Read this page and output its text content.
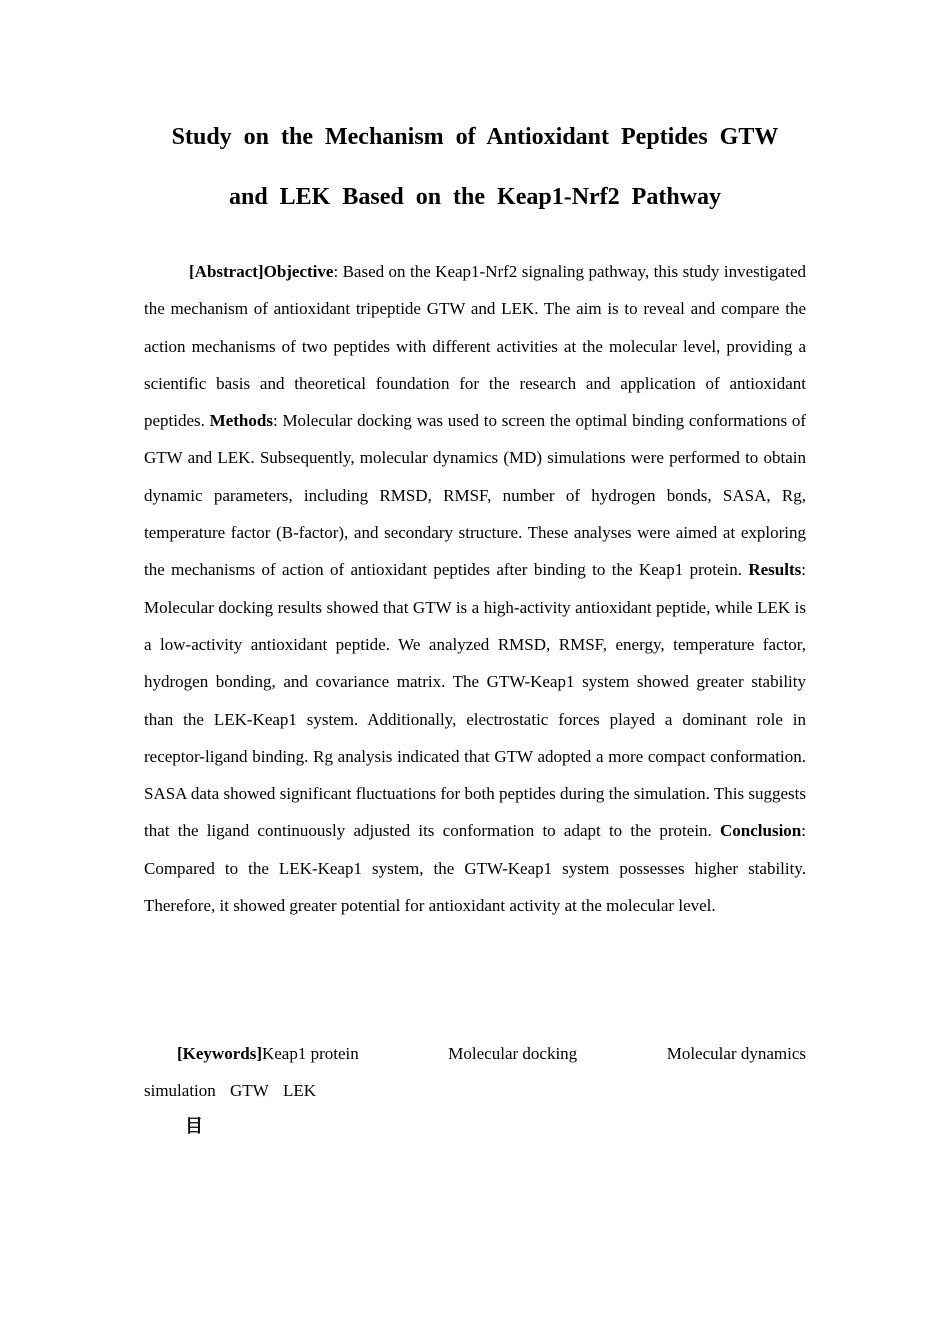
Study on the Mechanism of Antioxidant Peptides GTW
and LEK Based on the Keap1-Nrf2 Pathway

[Abstract]Objective: Based on the Keap1-Nrf2 signaling pathway, this study investigated the mechanism of antioxidant tripeptide GTW and LEK. The aim is to reveal and compare the action mechanisms of two peptides with different activities at the molecular level, providing a scientific basis and theoretical foundation for the research and application of antioxidant peptides. Methods: Molecular docking was used to screen the optimal binding conformations of GTW and LEK. Subsequently, molecular dynamics (MD) simulations were performed to obtain dynamic parameters, including RMSD, RMSF, number of hydrogen bonds, SASA, Rg, temperature factor (B-factor), and secondary structure. These analyses were aimed at exploring the mechanisms of action of antioxidant peptides after binding to the Keap1 protein. Results: Molecular docking results showed that GTW is a high-activity antioxidant peptide, while LEK is a low-activity antioxidant peptide. We analyzed RMSD, RMSF, energy, temperature factor, hydrogen bonding, and covariance matrix. The GTW-Keap1 system showed greater stability than the LEK-Keap1 system. Additionally, electrostatic forces played a dominant role in receptor-ligand binding. Rg analysis indicated that GTW adopted a more compact conformation. SASA data showed significant fluctuations for both peptides during the simulation. This suggests that the ligand continuously adjusted its conformation to adapt to the protein. Conclusion: Compared to the LEK-Keap1 system, the GTW-Keap1 system possesses higher stability. Therefore, it showed greater potential for antioxidant activity at the molecular level.

[Keywords]Keap1 protein	Molecular docking	Molecular dynamics
simulation GTW LEK
目
